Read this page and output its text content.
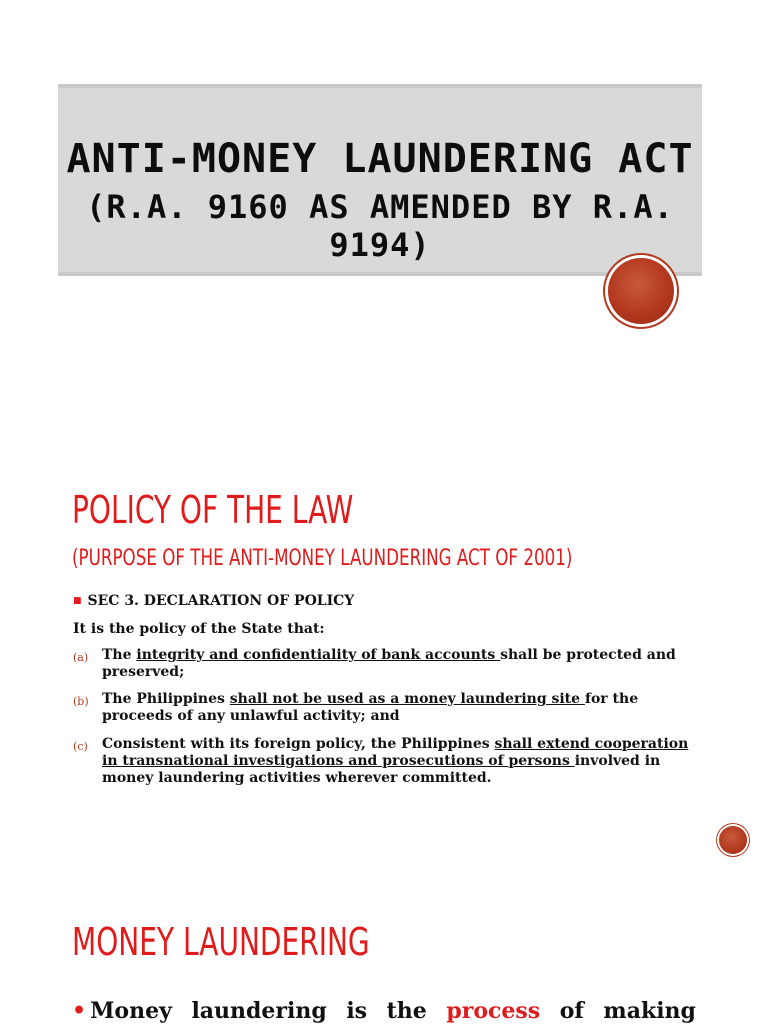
ANTI-MONEY LAUNDERING ACT
(R.A. 9160 AS AMENDED BY R.A. 9194)
POLICY OF THE LAW
(PURPOSE OF THE ANTI-MONEY LAUNDERING ACT OF 2001)
■ SEC 3. DECLARATION OF POLICY
It is the policy of the State that:
(a) The integrity and confidentiality of bank accounts shall be protected and preserved;
(b) The Philippines shall not be used as a money laundering site for the proceeds of any unlawful activity; and
(c) Consistent with its foreign policy, the Philippines shall extend cooperation in transnational investigations and prosecutions of persons involved in money laundering activities wherever committed.
MONEY LAUNDERING
• Money laundering is the process of making
